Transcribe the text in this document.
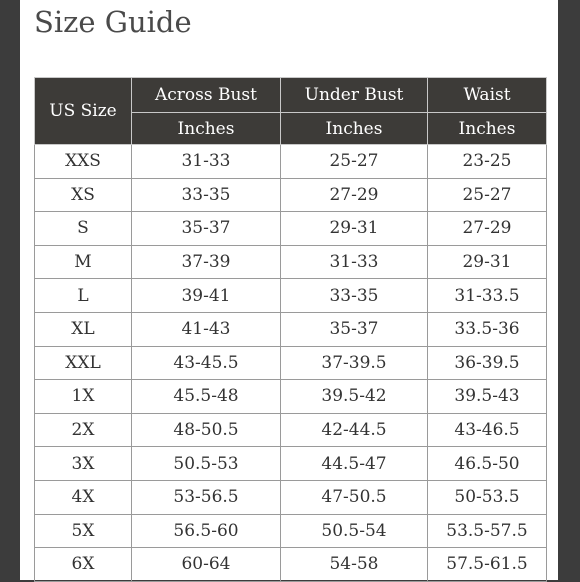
Size Guide
US Size	Across Bust	Under Bust	Waist
	Inches	Inches	Inches
XXS	31-33	25-27	23-25
XS	33-35	27-29	25-27
S	35-37	29-31	27-29
M	37-39	31-33	29-31
L	39-41	33-35	31-33.5
XL	41-43	35-37	33.5-36
XXL	43-45.5	37-39.5	36-39.5
1X	45.5-48	39.5-42	39.5-43
2X	48-50.5	42-44.5	43-46.5
3X	50.5-53	44.5-47	46.5-50
4X	53-56.5	47-50.5	50-53.5
5X	56.5-60	50.5-54	53.5-57.5
6X	60-64	54-58	57.5-61.5
